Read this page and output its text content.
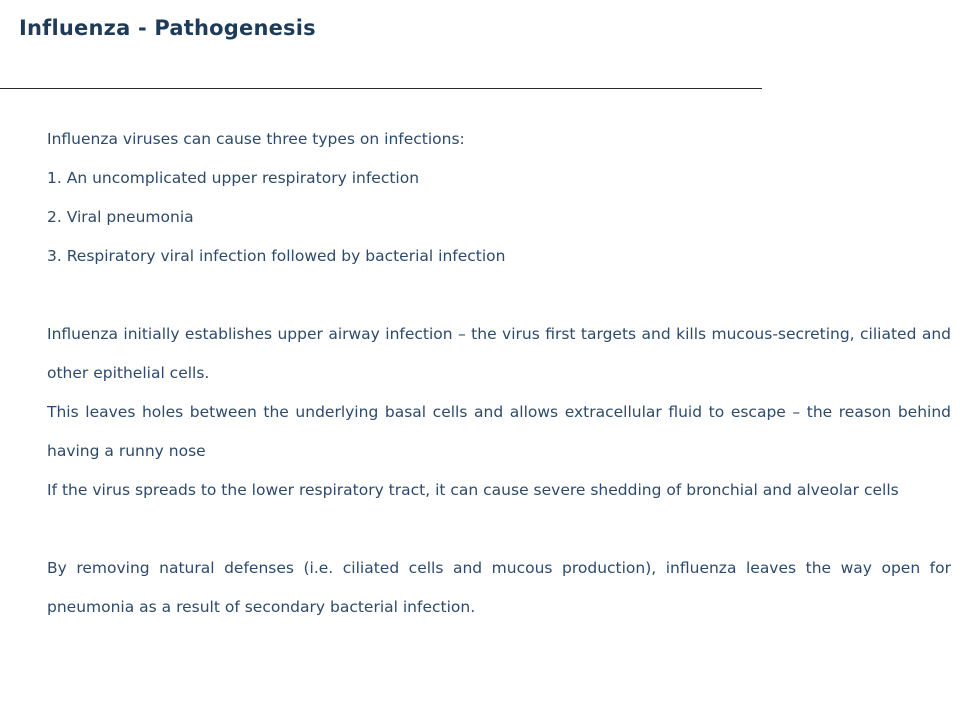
Influenza - Pathogenesis

Influenza viruses can cause three types on infections:

1. An uncomplicated upper respiratory infection

2. Viral pneumonia

3. Respiratory viral infection followed by bacterial infection

Influenza initially establishes upper airway infection – the virus first targets and kills mucous-secreting, ciliated and other epithelial cells.

This leaves holes between the underlying basal cells and allows extracellular fluid to escape – the reason behind having a runny nose

If the virus spreads to the lower respiratory tract, it can cause severe shedding of bronchial and alveolar cells

By removing natural defenses (i.e. ciliated cells and mucous production), influenza leaves the way open for pneumonia as a result of secondary bacterial infection.
